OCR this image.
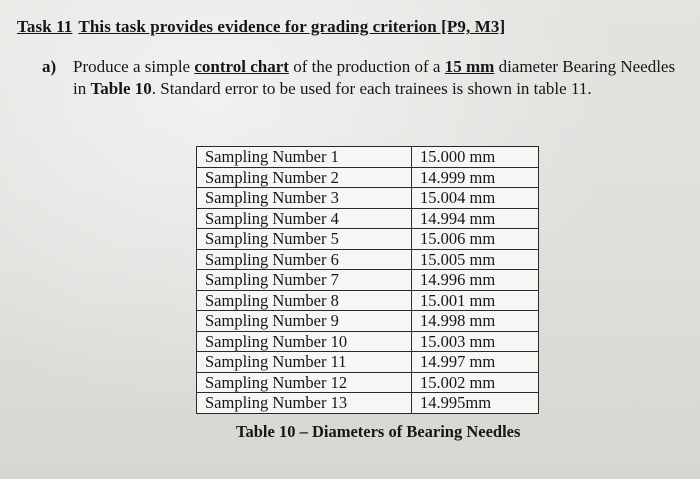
Task 11 This task provides evidence for grading criterion [P9, M3]
a) Produce a simple control chart of the production of a 15 mm diameter Bearing Needles
in Table 10. Standard error to be used for each trainees is shown in table 11.
Sampling Number 1	15.000 mm
Sampling Number 2	14.999 mm
Sampling Number 3	15.004 mm
Sampling Number 4	14.994 mm
Sampling Number 5	15.006 mm
Sampling Number 6	15.005 mm
Sampling Number 7	14.996 mm
Sampling Number 8	15.001 mm
Sampling Number 9	14.998 mm
Sampling Number 10	15.003 mm
Sampling Number 11	14.997 mm
Sampling Number 12	15.002 mm
Sampling Number 13	14.995mm
Table 10 – Diameters of Bearing Needles
